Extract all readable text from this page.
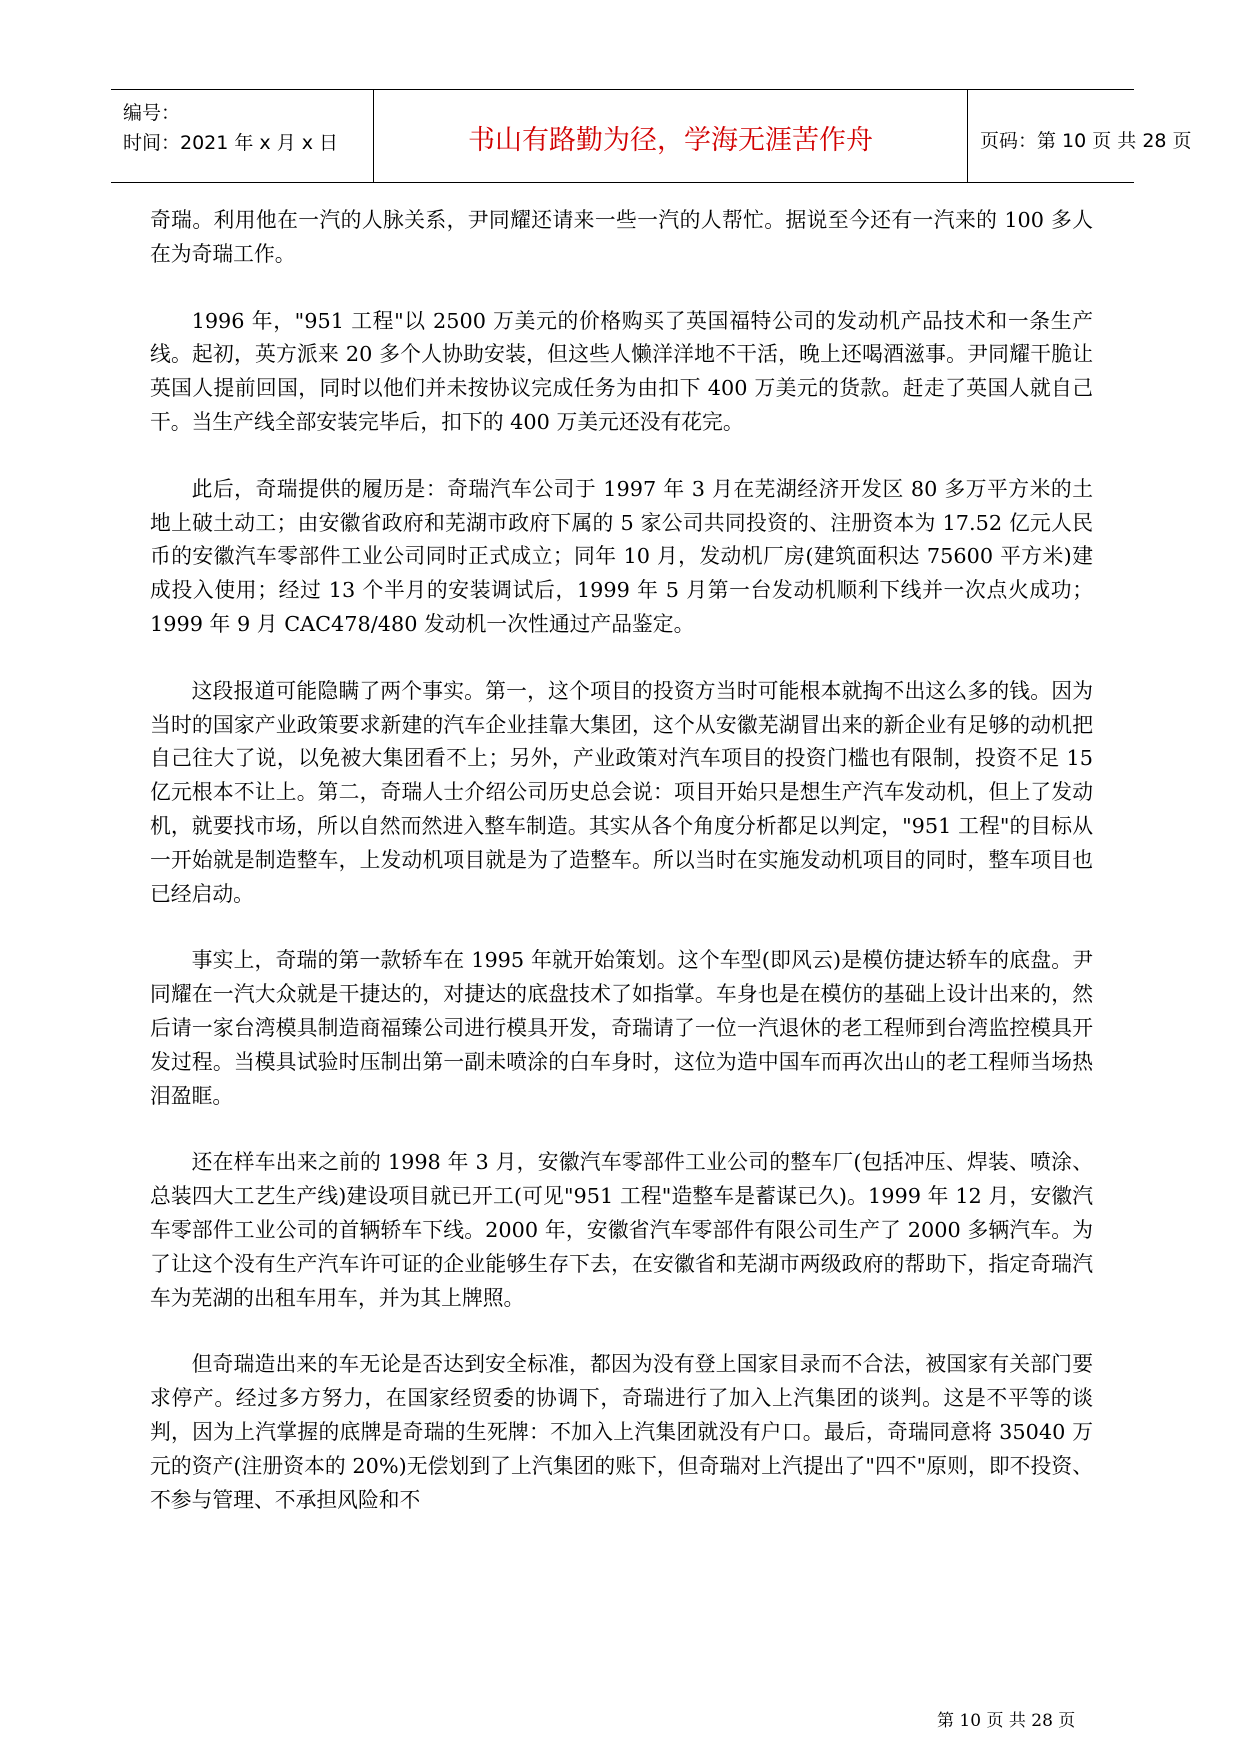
编号：
时间：2021 年 x 月 x 日	书山有路勤为径，学海无涯苦作舟	页码：第 10 页 共 28 页

奇瑞。利用他在一汽的人脉关系，尹同耀还请来一些一汽的人帮忙。据说至今还有一汽来的 100 多人在为奇瑞工作。

1996 年，"951 工程"以 2500 万美元的价格购买了英国福特公司的发动机产品技术和一条生产线。起初，英方派来 20 多个人协助安装，但这些人懒洋洋地不干活，晚上还喝酒滋事。尹同耀干脆让英国人提前回国，同时以他们并未按协议完成任务为由扣下 400 万美元的货款。赶走了英国人就自己干。当生产线全部安装完毕后，扣下的 400 万美元还没有花完。

此后，奇瑞提供的履历是：奇瑞汽车公司于 1997 年 3 月在芜湖经济开发区 80 多万平方米的土地上破土动工；由安徽省政府和芜湖市政府下属的 5 家公司共同投资的、注册资本为 17.52 亿元人民币的安徽汽车零部件工业公司同时正式成立；同年 10 月，发动机厂房(建筑面积达 75600 平方米)建成投入使用；经过 13 个半月的安装调试后，1999 年 5 月第一台发动机顺利下线并一次点火成功；1999 年 9 月 CAC478/480 发动机一次性通过产品鉴定。

这段报道可能隐瞒了两个事实。第一，这个项目的投资方当时可能根本就掏不出这么多的钱。因为当时的国家产业政策要求新建的汽车企业挂靠大集团，这个从安徽芜湖冒出来的新企业有足够的动机把自己往大了说，以免被大集团看不上；另外，产业政策对汽车项目的投资门槛也有限制，投资不足 15 亿元根本不让上。第二，奇瑞人士介绍公司历史总会说：项目开始只是想生产汽车发动机，但上了发动机，就要找市场，所以自然而然进入整车制造。其实从各个角度分析都足以判定，"951 工程"的目标从一开始就是制造整车，上发动机项目就是为了造整车。所以当时在实施发动机项目的同时，整车项目也已经启动。

事实上，奇瑞的第一款轿车在 1995 年就开始策划。这个车型(即风云)是模仿捷达轿车的底盘。尹同耀在一汽大众就是干捷达的，对捷达的底盘技术了如指掌。车身也是在模仿的基础上设计出来的，然后请一家台湾模具制造商福臻公司进行模具开发，奇瑞请了一位一汽退休的老工程师到台湾监控模具开发过程。当模具试验时压制出第一副未喷涂的白车身时，这位为造中国车而再次出山的老工程师当场热泪盈眶。

还在样车出来之前的 1998 年 3 月，安徽汽车零部件工业公司的整车厂(包括冲压、焊装、喷涂、总装四大工艺生产线)建设项目就已开工(可见"951 工程"造整车是蓄谋已久)。1999 年 12 月，安徽汽车零部件工业公司的首辆轿车下线。2000 年，安徽省汽车零部件有限公司生产了 2000 多辆汽车。为了让这个没有生产汽车许可证的企业能够生存下去，在安徽省和芜湖市两级政府的帮助下，指定奇瑞汽车为芜湖的出租车用车，并为其上牌照。

但奇瑞造出来的车无论是否达到安全标准，都因为没有登上国家目录而不合法，被国家有关部门要求停产。经过多方努力，在国家经贸委的协调下，奇瑞进行了加入上汽集团的谈判。这是不平等的谈判，因为上汽掌握的底牌是奇瑞的生死牌：不加入上汽集团就没有户口。最后，奇瑞同意将 35040 万元的资产(注册资本的 20%)无偿划到了上汽集团的账下，但奇瑞对上汽提出了"四不"原则，即不投资、不参与管理、不承担风险和不

第 10 页 共 28 页
